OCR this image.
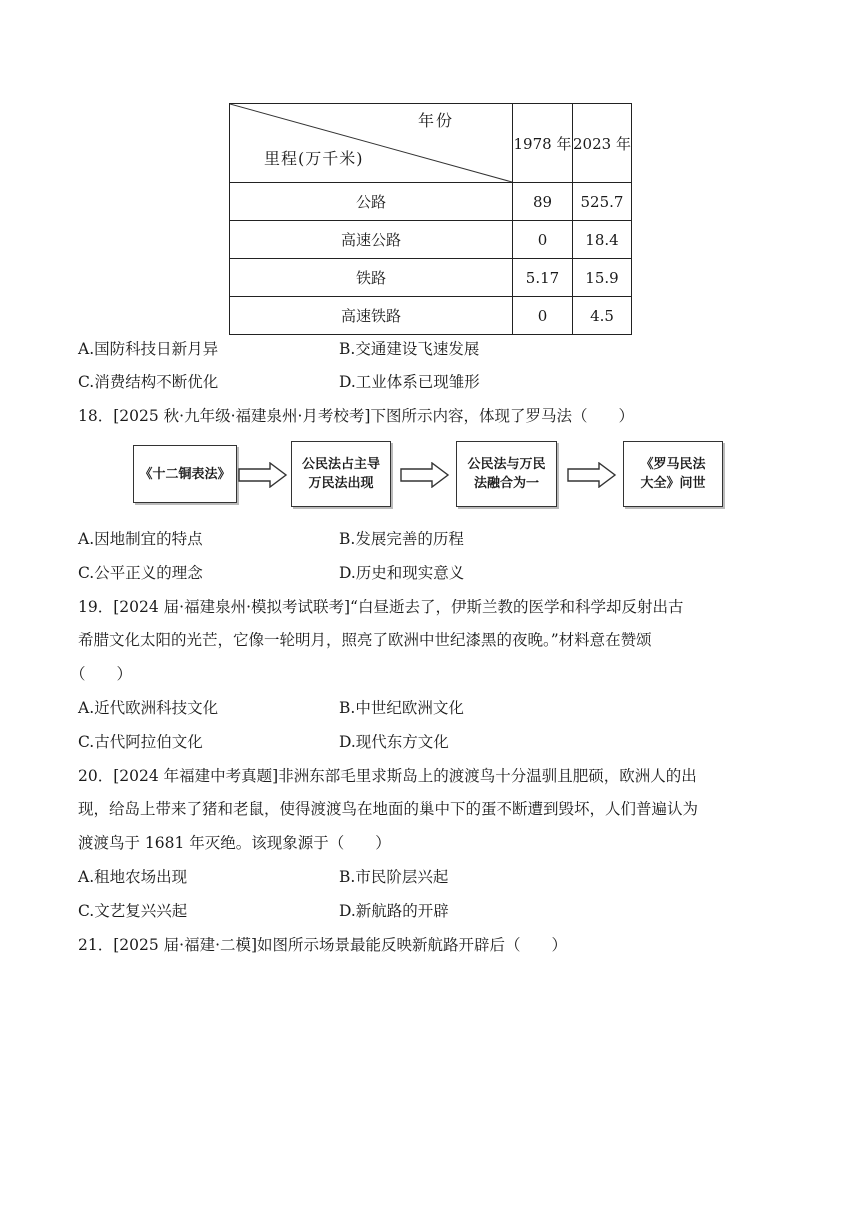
年份
里程(万千米)	1978 年	2023 年
公路	89	525.7
高速公路	0	18.4
铁路	5.17	15.9
高速铁路	0	4.5
A.国防科技日新月异	B.交通建设飞速发展
C.消费结构不断优化	D.工业体系已现雏形
18．[2025 秋·九年级·福建泉州·月考校考]下图所示内容，体现了罗马法（　　）
《十二铜表法》
公民法占主导
万民法出现
公民法与万民
法融合为一
《罗马民法
大全》问世
A.因地制宜的特点	B.发展完善的历程
C.公平正义的理念	D.历史和现实意义
19．[2024 届·福建泉州·模拟考试联考]“白昼逝去了，伊斯兰教的医学和科学却反射出古
希腊文化太阳的光芒，它像一轮明月，照亮了欧洲中世纪漆黑的夜晚。”材料意在赞颂
（　　）
A.近代欧洲科技文化	B.中世纪欧洲文化
C.古代阿拉伯文化	D.现代东方文化
20．[2024 年福建中考真题]非洲东部毛里求斯岛上的渡渡鸟十分温驯且肥硕，欧洲人的出
现，给岛上带来了猪和老鼠，使得渡渡鸟在地面的巢中下的蛋不断遭到毁坏，人们普遍认为
渡渡鸟于 1681 年灭绝。该现象源于（　　）
A.租地农场出现	B.市民阶层兴起
C.文艺复兴兴起	D.新航路的开辟
21．[2025 届·福建·二模]如图所示场景最能反映新航路开辟后（　　）
